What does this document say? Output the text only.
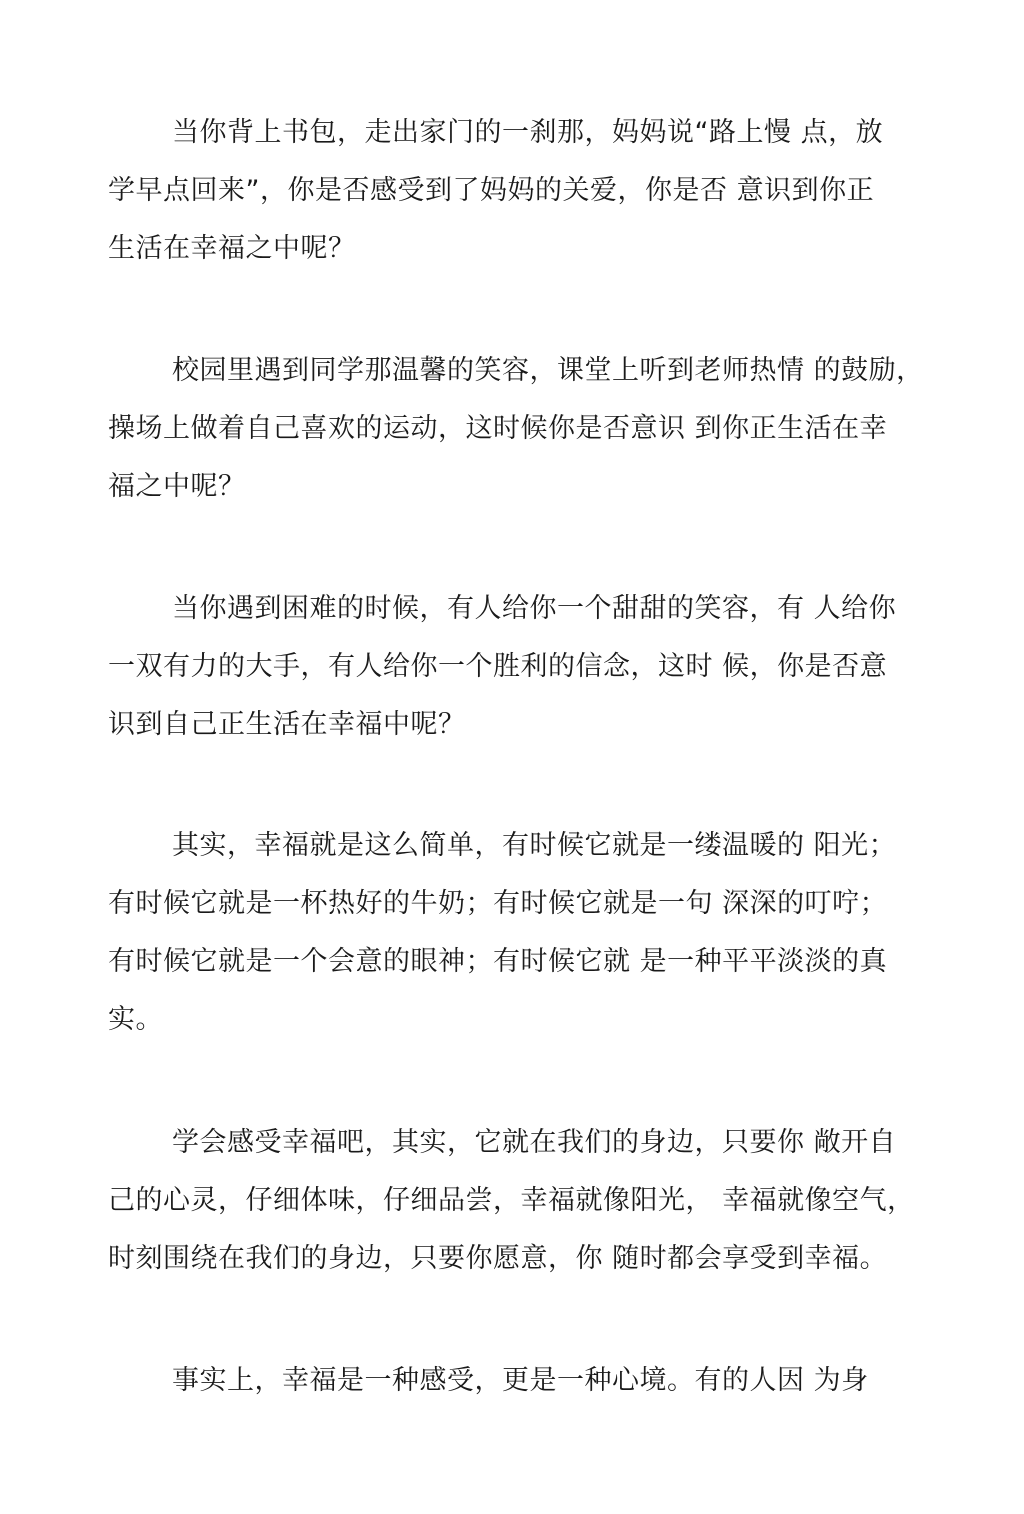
当你背上书包，走出家门的一刹那，妈妈说“路上慢 点，放
学早点回来”，你是否感受到了妈妈的关爱，你是否 意识到你正
生活在幸福之中呢？
校园里遇到同学那温馨的笑容，课堂上听到老师热情 的鼓励，
操场上做着自己喜欢的运动，这时候你是否意识 到你正生活在幸
福之中呢？
当你遇到困难的时候，有人给你一个甜甜的笑容，有 人给你
一双有力的大手，有人给你一个胜利的信念，这时 候，你是否意
识到自己正生活在幸福中呢？
其实，幸福就是这么简单，有时候它就是一缕温暖的 阳光；
有时候它就是一杯热好的牛奶；有时候它就是一句 深深的叮咛；
有时候它就是一个会意的眼神；有时候它就 是一种平平淡淡的真
实。
学会感受幸福吧，其实，它就在我们的身边，只要你 敞开自
己的心灵，仔细体味，仔细品尝，幸福就像阳光， 幸福就像空气，
时刻围绕在我们的身边，只要你愿意，你 随时都会享受到幸福。
事实上，幸福是一种感受，更是一种心境。有的人因 为身
